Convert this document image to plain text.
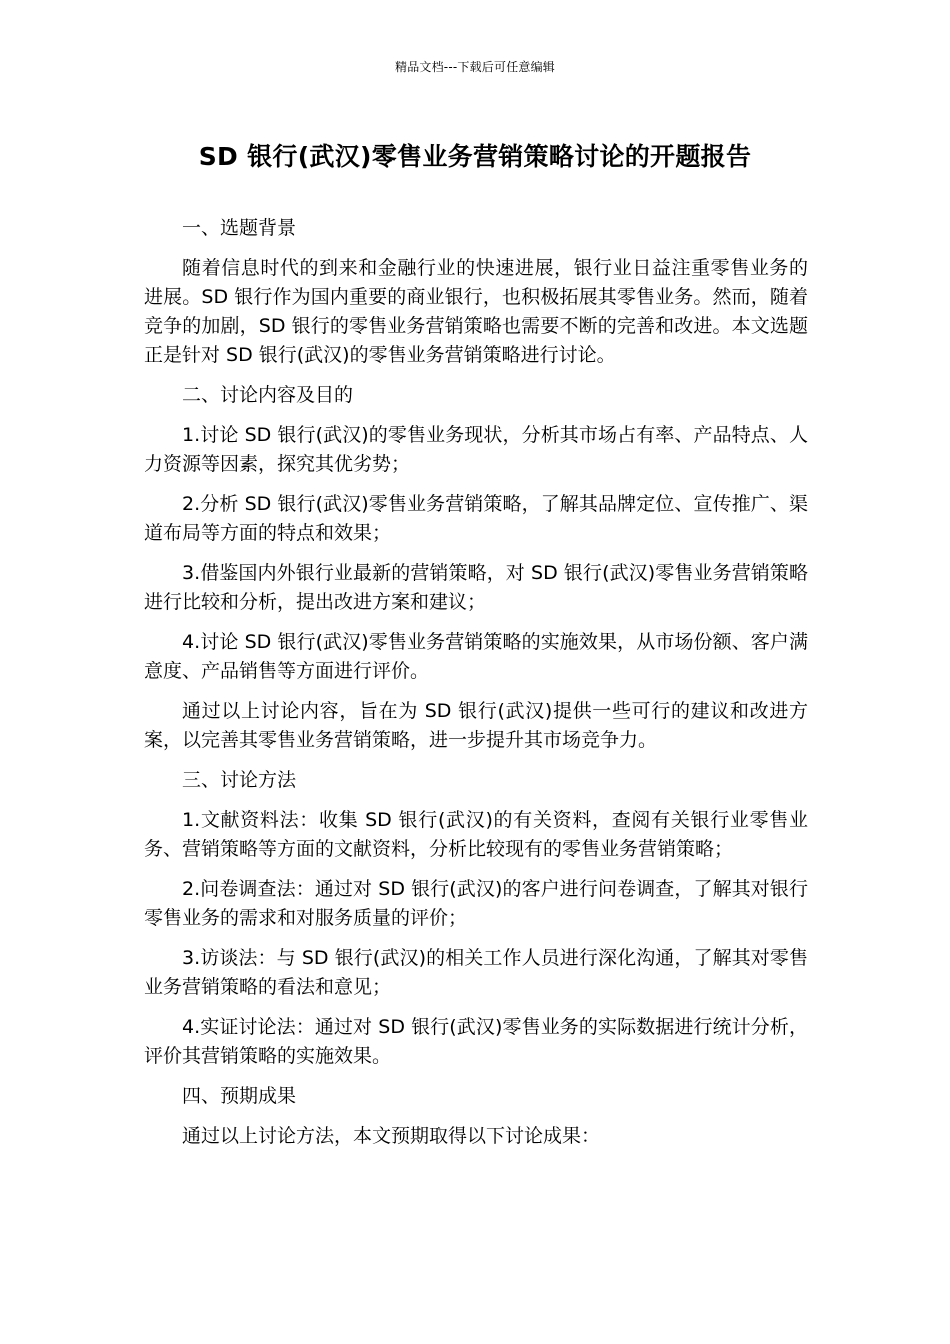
精品文档---下载后可任意编辑
SD 银行(武汉)零售业务营销策略讨论的开题报告

一、选题背景

随着信息时代的到来和金融行业的快速进展，银行业日益注重零售业务的进展。SD 银行作为国内重要的商业银行，也积极拓展其零售业务。然而，随着竞争的加剧，SD 银行的零售业务营销策略也需要不断的完善和改进。本文选题正是针对 SD 银行(武汉)的零售业务营销策略进行讨论。

二、讨论内容及目的

1.讨论 SD 银行(武汉)的零售业务现状，分析其市场占有率、产品特点、人力资源等因素，探究其优劣势；

2.分析 SD 银行(武汉)零售业务营销策略，了解其品牌定位、宣传推广、渠道布局等方面的特点和效果；

3.借鉴国内外银行业最新的营销策略，对 SD 银行(武汉)零售业务营销策略进行比较和分析，提出改进方案和建议；

4.讨论 SD 银行(武汉)零售业务营销策略的实施效果，从市场份额、客户满意度、产品销售等方面进行评价。

通过以上讨论内容，旨在为 SD 银行(武汉)提供一些可行的建议和改进方案，以完善其零售业务营销策略，进一步提升其市场竞争力。

三、讨论方法

1.文献资料法：收集 SD 银行(武汉)的有关资料，查阅有关银行业零售业务、营销策略等方面的文献资料，分析比较现有的零售业务营销策略；

2.问卷调查法：通过对 SD 银行(武汉)的客户进行问卷调查，了解其对银行零售业务的需求和对服务质量的评价；

3.访谈法：与 SD 银行(武汉)的相关工作人员进行深化沟通，了解其对零售业务营销策略的看法和意见；

4.实证讨论法：通过对 SD 银行(武汉)零售业务的实际数据进行统计分析，评价其营销策略的实施效果。

四、预期成果

通过以上讨论方法，本文预期取得以下讨论成果：
